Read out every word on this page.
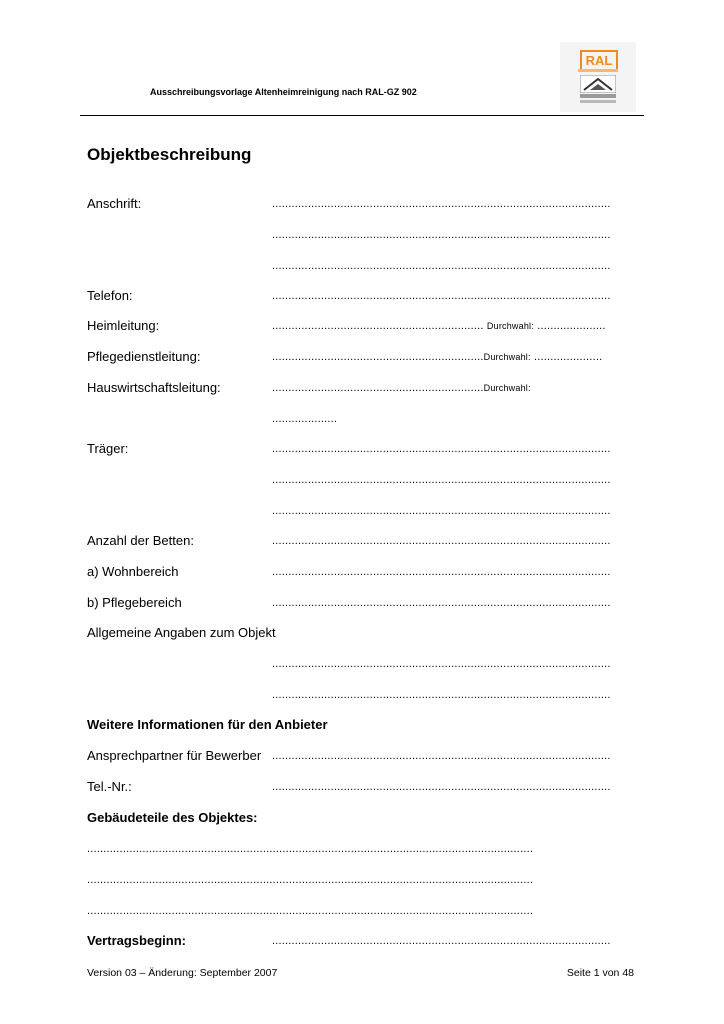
Ausschreibungsvorlage Altenheimreinigung nach RAL-GZ 902
RAL
Objektbeschreibung
Anschrift:	........................................................................................................
........................................................................................................
........................................................................................................
Telefon:	........................................................................................................
Heimleitung:	................................................................. Durchwahl: .....................
Pflegedienstleitung:	.................................................................Durchwahl: .....................
Hauswirtschaftsleitung:	.................................................................Durchwahl:
....................
Träger:	........................................................................................................
........................................................................................................
........................................................................................................
Anzahl der Betten:	........................................................................................................
a) Wohnbereich	........................................................................................................
b) Pflegebereich	........................................................................................................
Allgemeine Angaben zum Objekt
........................................................................................................
........................................................................................................
Weitere Informationen für den Anbieter
Ansprechpartner für Bewerber ........................................................................................................
Tel.-Nr.:	........................................................................................................
Gebäudeteile des Objektes:
.........................................................................................................................................
.........................................................................................................................................
.........................................................................................................................................
Vertragsbeginn:	........................................................................................................
Version 03 – Änderung: September 2007	Seite 1 von 48
